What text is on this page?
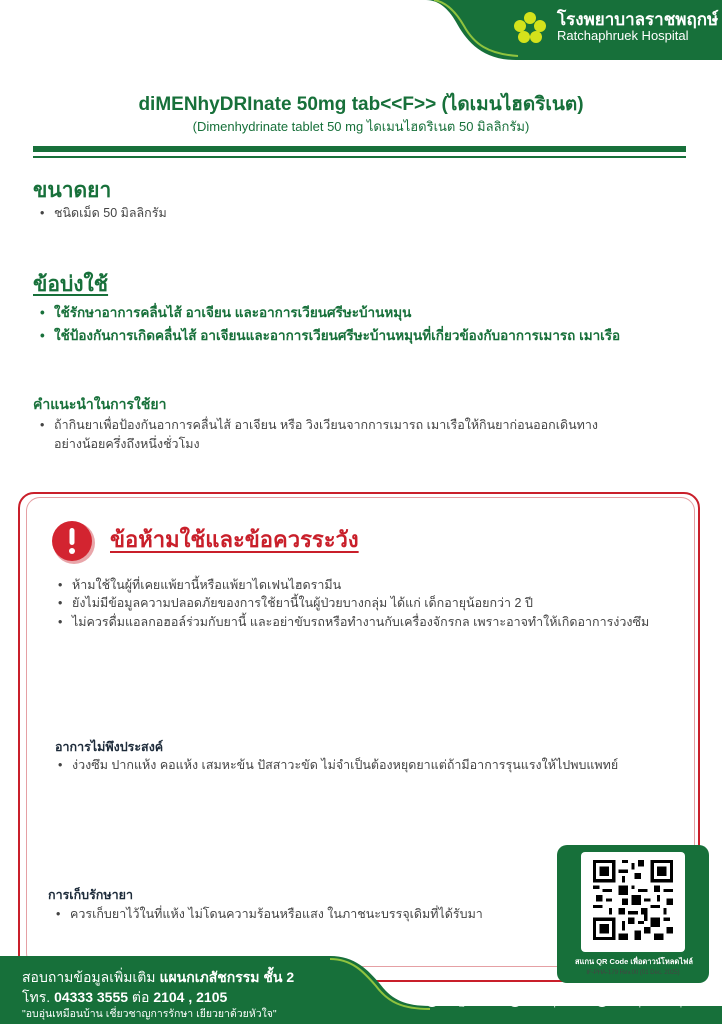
โรงพยาบาลราชพฤกษ์
Ratchaphruek Hospital
diMENhyDRInate 50mg tab<<F>> (ไดเมนไฮดริเนต)
(Dimenhydrinate tablet 50 mg ไดเมนไฮดริเนต 50 มิลลิกรัม)
ขนาดยา
• ชนิดเม็ด 50 มิลลิกรัม
ข้อบ่งใช้
• ใช้รักษาอาการคลื่นไส้ อาเจียน และอาการเวียนศรีษะบ้านหมุน
• ใช้ป้องกันการเกิดคลื่นไส้ อาเจียนและอาการเวียนศรีษะบ้านหมุนที่เกี่ยวข้องกับอาการเมารถ เมาเรือ
คำแนะนำในการใช้ยา
• ถ้ากินยาเพื่อป้องกันอาการคลื่นไส้ อาเจียน หรือ วิงเวียนจากการเมารถ เมาเรือให้กินยาก่อนออกเดินทาง
อย่างน้อยครึ่งถึงหนึ่งชั่วโมง
ข้อห้ามใช้และข้อควรระวัง
• ห้ามใช้ในผู้ที่เคยแพ้ยานี้หรือแพ้ยาไดเฟนไฮดรามีน
• ยังไม่มีข้อมูลความปลอดภัยของการใช้ยานี้ในผู้ป่วยบางกลุ่ม ได้แก่ เด็กอายุน้อยกว่า 2 ปี
• ไม่ควรดื่มแอลกอฮอล์ร่วมกับยานี้ และอย่าขับรถหรือทำงานกับเครื่องจักรกล เพราะอาจทำให้เกิดอาการง่วงซึม
อาการไม่พึงประสงค์
• ง่วงซึม ปากแห้ง คอแห้ง เสมหะข้น ปัสสาวะขัด ไม่จำเป็นต้องหยุดยาแต่ถ้ามีอาการรุนแรงให้ไปพบแพทย์
การเก็บรักษายา
• ควรเก็บยาไว้ในที่แห้ง ไม่โดนความร้อนหรือแสง ในภาชนะบรรจุเดิมที่ได้รับมา
สแกน QR Code เพื่อดาวน์โหลดไฟล์
IF-PHA-179 Rev.00 (01 Dec. 2025)
สอบถามข้อมูลเพิ่มเติม แผนกเภสัชกรรม ชั้น 2
โทร. 04333 3555 ต่อ 2104 , 2105
"อบอุ่นเหมือนบ้าน เชี่ยวชาญการรักษา เยียวยาด้วยหัวใจ"
LINE
ID : @RPHLine
WEBSITE
WWW.rph.co.th
FACEBOOK
RatchaphruekHospital
